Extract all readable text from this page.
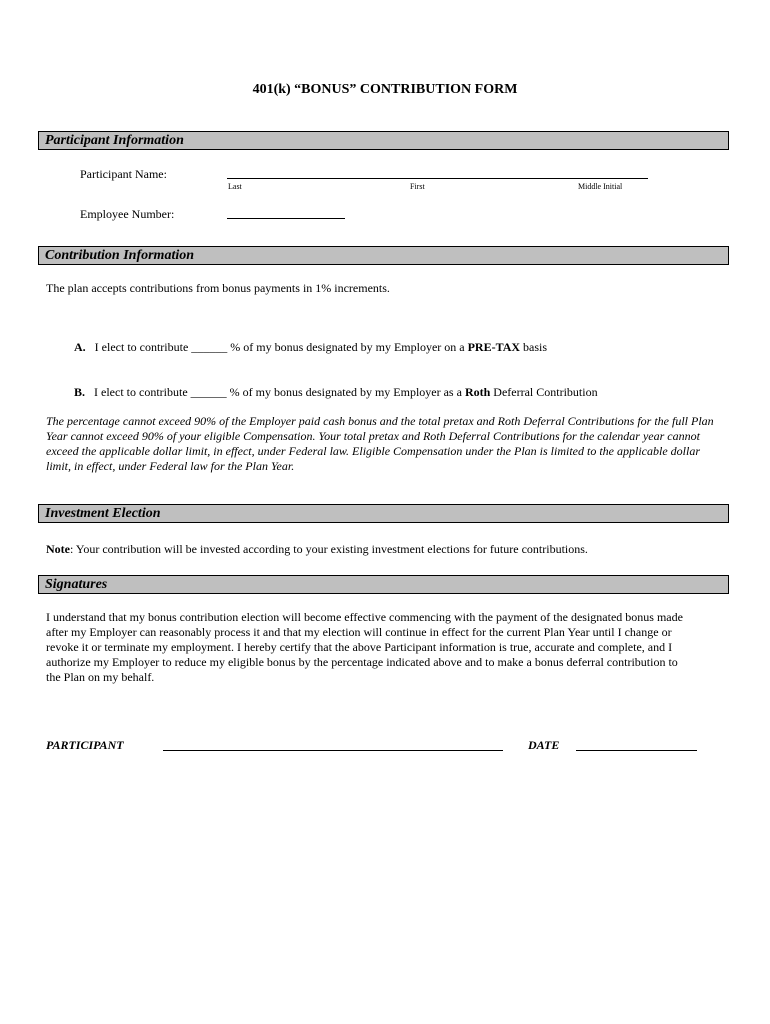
401(k) “BONUS” CONTRIBUTION FORM
Participant Information
Participant Name:
Last	First	Middle Initial
Employee Number:
Contribution Information
The plan accepts contributions from bonus payments in 1% increments.

A. I elect to contribute ______ % of my bonus designated by my Employer on a PRE-TAX basis

B. I elect to contribute ______ % of my bonus designated by my Employer as a Roth Deferral Contribution

The percentage cannot exceed 90% of the Employer paid cash bonus and the total pretax and Roth Deferral Contributions for the full Plan
Year cannot exceed 90% of your eligible Compensation. Your total pretax and Roth Deferral Contributions for the calendar year cannot
exceed the applicable dollar limit, in effect, under Federal law. Eligible Compensation under the Plan is limited to the applicable dollar
limit, in effect, under Federal law for the Plan Year.
Investment Election
Note: Your contribution will be invested according to your existing investment elections for future contributions.
Signatures
I understand that my bonus contribution election will become effective commencing with the payment of the designated bonus made
after my Employer can reasonably process it and that my election will continue in effect for the current Plan Year until I change or
revoke it or terminate my employment. I hereby certify that the above Participant information is true, accurate and complete, and I
authorize my Employer to reduce my eligible bonus by the percentage indicated above and to make a bonus deferral contribution to
the Plan on my behalf.
PARTICIPANT	DATE
